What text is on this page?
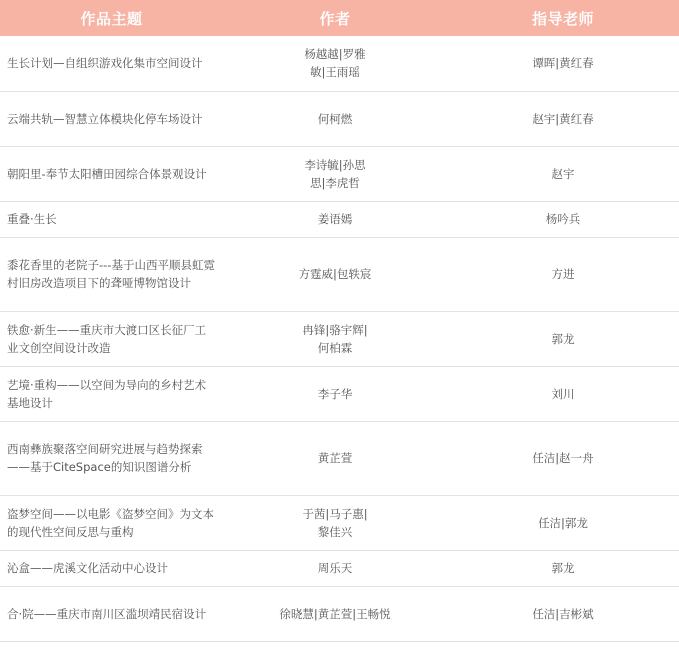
作品主题	作者	指导老师

生长计划—自组织游戏化集市空间设计	杨越越|罗雅敏|王雨瑶	谭晖|黄红春

云端共轨—智慧立体模块化停车场设计	何柯燃	赵宇|黄红春

朝阳里-奉节太阳槽田园综合体景观设计	李诗毓|孙思思|李虎哲	赵宇

重叠·生长	姜语嫣	杨吟兵

黍花香里的老院子---基于山西平顺县虹霓村旧房改造项目下的聋哑博物馆设计	方霆威|包轶宸	方进

铁愈·新生——重庆市大渡口区长征厂工业文创空间设计改造	冉锋|骆宇辉|何柏霖	郭龙

艺境·重构——以空间为导向的乡村艺术基地设计	李子华	刘川

西南彝族聚落空间研究进展与趋势探索——基于CiteSpace的知识图谱分析	黄芷萱	任洁|赵一舟

盗梦空间——以电影《盗梦空间》为文本的现代性空间反思与重构	于茜|马子惠|黎佳兴	任洁|郭龙

沁盒——虎溪文化活动中心设计	周乐天	郭龙

合·院——重庆市南川区滥坝靖民宿设计	徐晓慧|黄芷萱|王畅悦	任洁|吉彬斌
